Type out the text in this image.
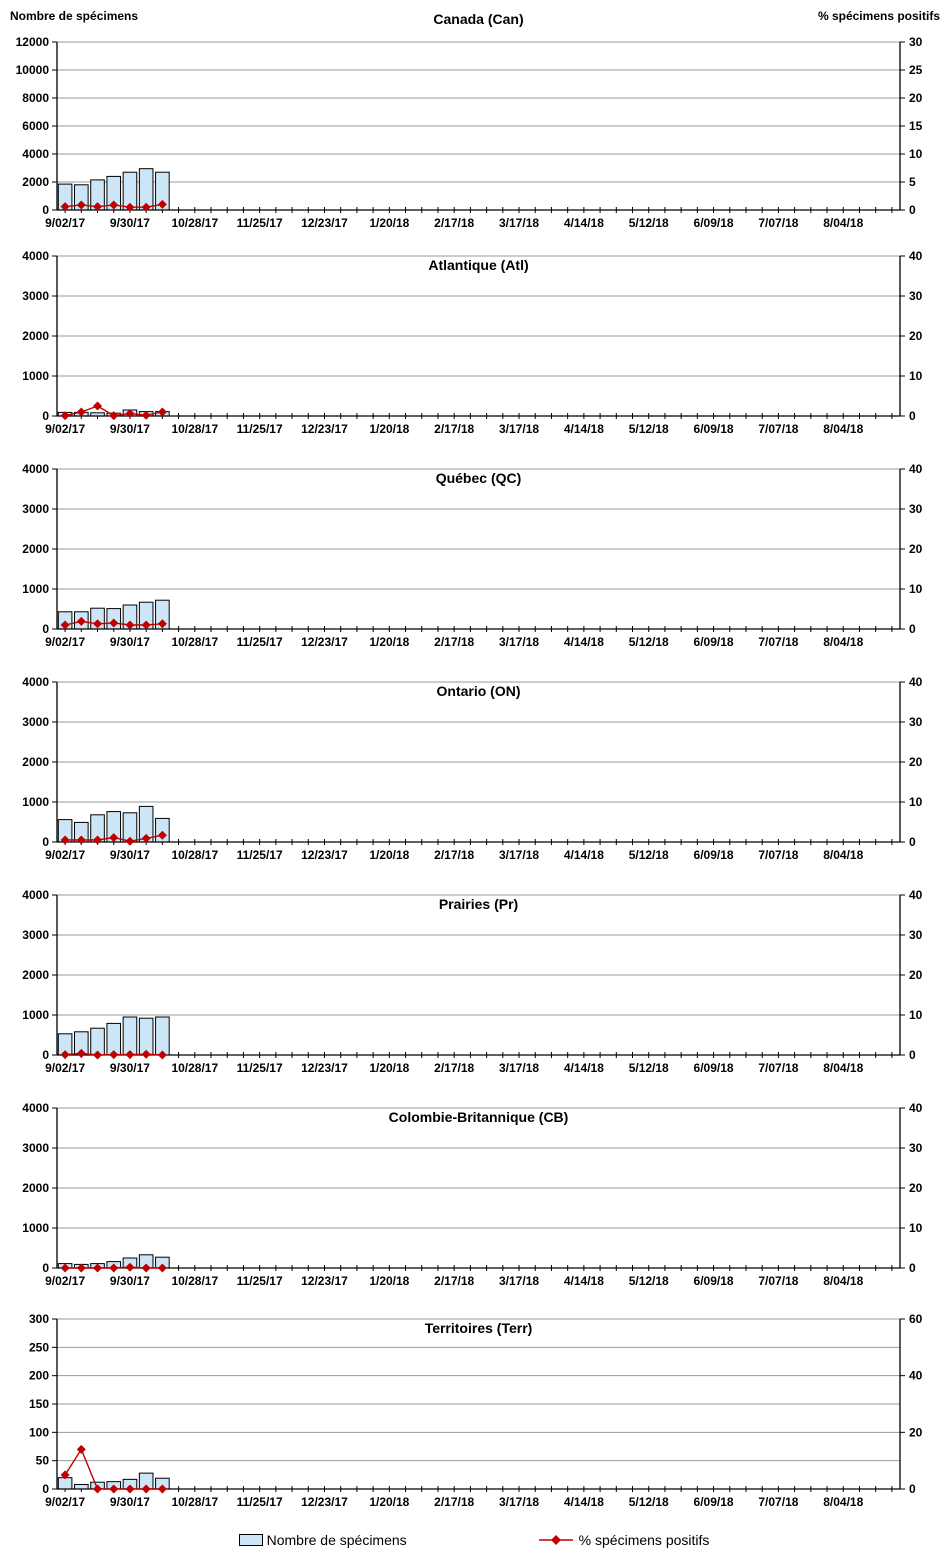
0
2000
4000
6000
8000
10000
12000
0
5
10
15
20
25
30
9/02/17 9/30/17 10/28/17 11/25/17 12/23/17 1/20/18 2/17/18 3/17/18 4/14/18 5/12/18 6/09/18 7/07/18 8/04/18
Canada (Can)
Nombre de spécimens	% spécimens positifs
0
1000
2000
3000
4000
0
10
20
30
40
9/02/17 9/30/17 10/28/17 11/25/17 12/23/17 1/20/18 2/17/18 3/17/18 4/14/18 5/12/18 6/09/18 7/07/18 8/04/18
Atlantique (Atl)
0
1000
2000
3000
4000
0
10
20
30
40
9/02/17 9/30/17 10/28/17 11/25/17 12/23/17 1/20/18 2/17/18 3/17/18 4/14/18 5/12/18 6/09/18 7/07/18 8/04/18
Québec (QC)
0
1000
2000
3000
4000
0
10
20
30
40
9/02/17 9/30/17 10/28/17 11/25/17 12/23/17 1/20/18 2/17/18 3/17/18 4/14/18 5/12/18 6/09/18 7/07/18 8/04/18
Ontario (ON)
0
1000
2000
3000
4000
0
10
20
30
40
9/02/17 9/30/17 10/28/17 11/25/17 12/23/17 1/20/18 2/17/18 3/17/18 4/14/18 5/12/18 6/09/18 7/07/18 8/04/18
Prairies (Pr)
0
1000
2000
3000
4000
0
10
20
30
40
9/02/17 9/30/17 10/28/17 11/25/17 12/23/17 1/20/18 2/17/18 3/17/18 4/14/18 5/12/18 6/09/18 7/07/18 8/04/18
Colombie-Britannique (CB)
0
50
100
150
200
250
300
0
20
40
60
9/02/17 9/30/17 10/28/17 11/25/17 12/23/17 1/20/18 2/17/18 3/17/18 4/14/18 5/12/18 6/09/18 7/07/18 8/04/18
Territoires (Terr)
Nombre de spécimens	% spécimens positifs
